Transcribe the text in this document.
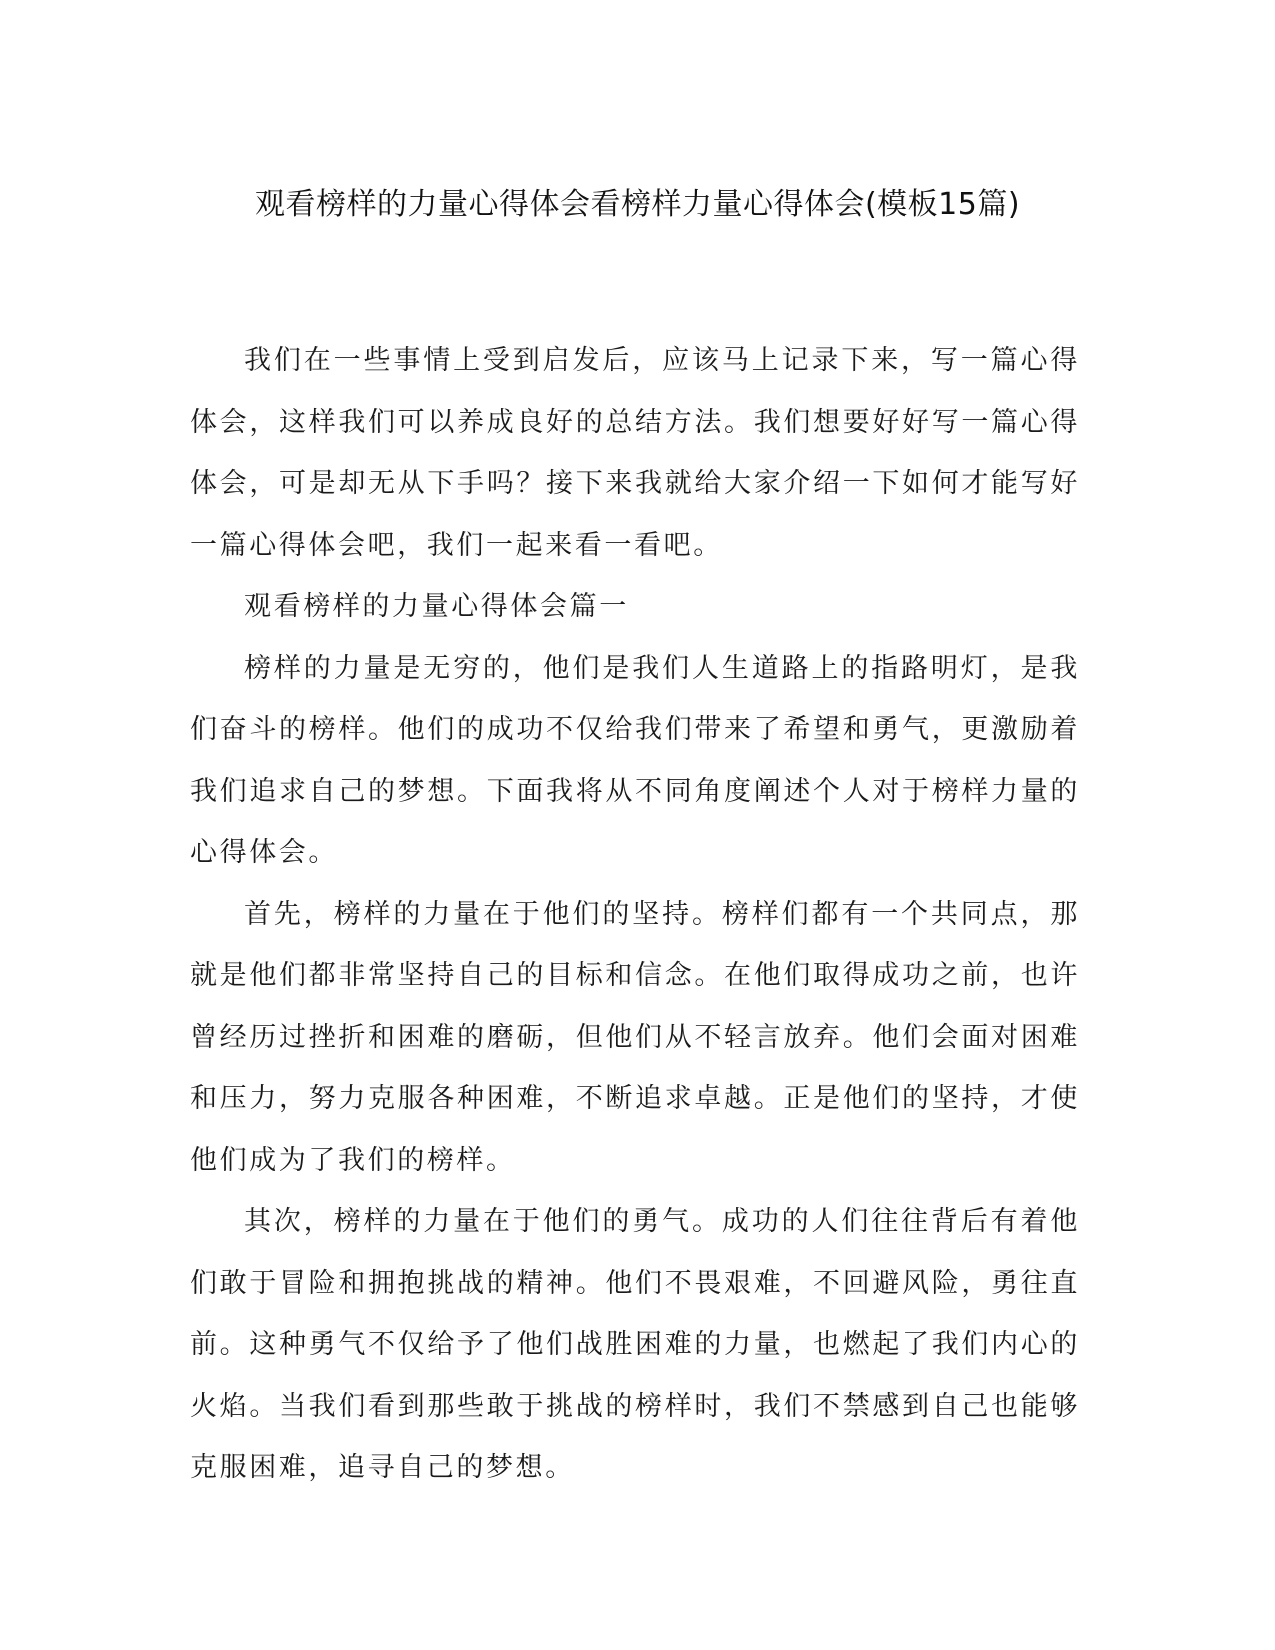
观看榜样的力量心得体会看榜样力量心得体会(模板15篇)

我们在一些事情上受到启发后，应该马上记录下来，写一篇心得体会，这样我们可以养成良好的总结方法。我们想要好好写一篇心得体会，可是却无从下手吗？接下来我就给大家介绍一下如何才能写好一篇心得体会吧，我们一起来看一看吧。

观看榜样的力量心得体会篇一

榜样的力量是无穷的，他们是我们人生道路上的指路明灯，是我们奋斗的榜样。他们的成功不仅给我们带来了希望和勇气，更激励着我们追求自己的梦想。下面我将从不同角度阐述个人对于榜样力量的心得体会。

首先，榜样的力量在于他们的坚持。榜样们都有一个共同点，那就是他们都非常坚持自己的目标和信念。在他们取得成功之前，也许曾经历过挫折和困难的磨砺，但他们从不轻言放弃。他们会面对困难和压力，努力克服各种困难，不断追求卓越。正是他们的坚持，才使他们成为了我们的榜样。

其次，榜样的力量在于他们的勇气。成功的人们往往背后有着他们敢于冒险和拥抱挑战的精神。他们不畏艰难，不回避风险，勇往直前。这种勇气不仅给予了他们战胜困难的力量，也燃起了我们内心的火焰。当我们看到那些敢于挑战的榜样时，我们不禁感到自己也能够克服困难，追寻自己的梦想。
